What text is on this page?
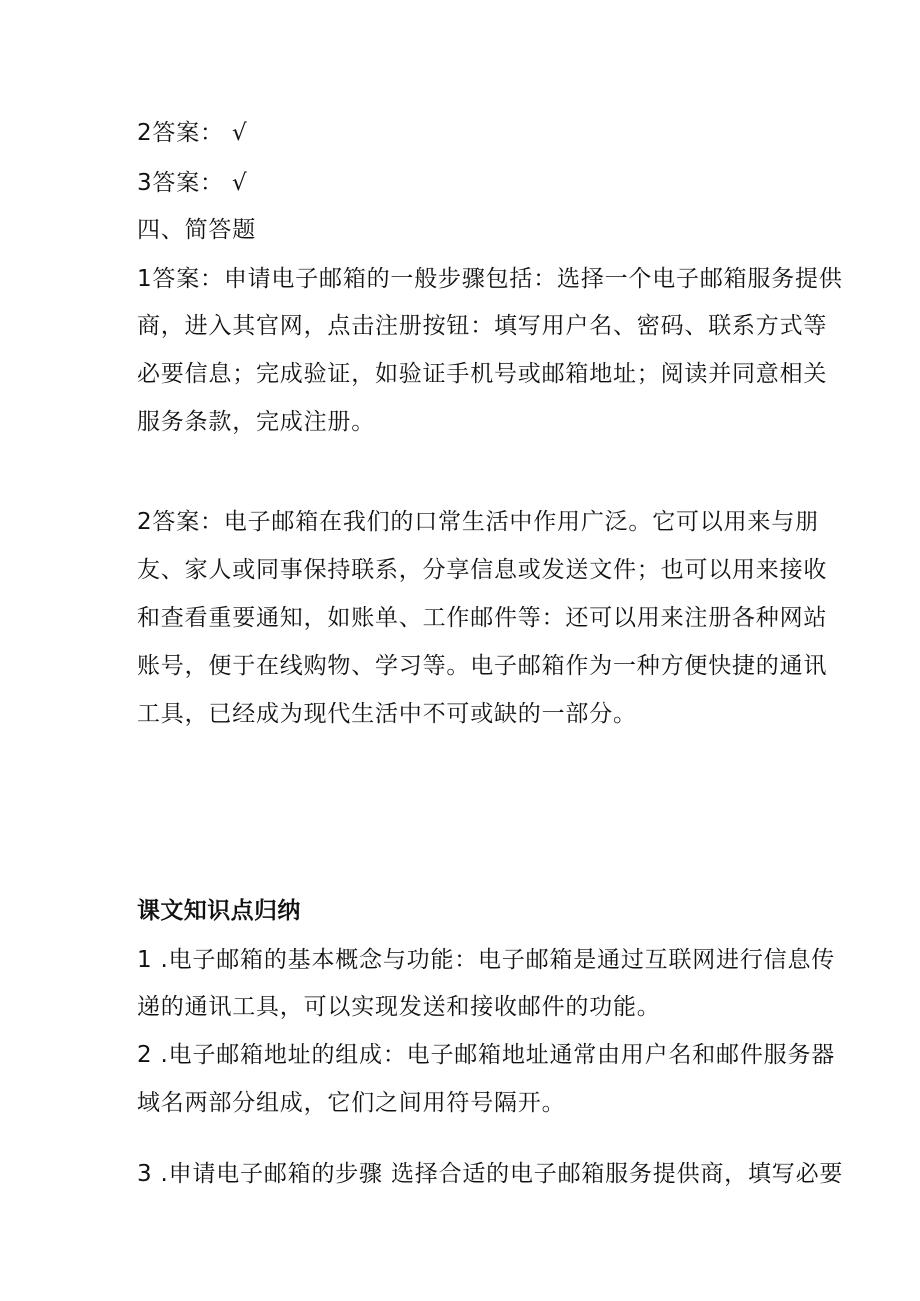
2答案： √
3答案： √
四、简答题
1答案：申请电子邮箱的一般步骤包括：选择一个电子邮箱服务提供
商，进入其官网，点击注册按钮：填写用户名、密码、联系方式等
必要信息；完成验证，如验证手机号或邮箱地址；阅读并同意相关
服务条款，完成注册。
2答案：电子邮箱在我们的口常生活中作用广泛。它可以用来与朋
友、家人或同事保持联系，分享信息或发送文件；也可以用来接收
和查看重要通知，如账单、工作邮件等：还可以用来注册各种网站
账号，便于在线购物、学习等。电子邮箱作为一种方便快捷的通讯
工具，已经成为现代生活中不可或缺的一部分。
课文知识点归纳
1 .电子邮箱的基本概念与功能：电子邮箱是通过互联网进行信息传
递的通讯工具，可以实现发送和接收邮件的功能。
2 .电子邮箱地址的组成：电子邮箱地址通常由用户名和邮件服务器
域名两部分组成，它们之间用符号隔开。
3 .申请电子邮箱的步骤 选择合适的电子邮箱服务提供商，填写必要
